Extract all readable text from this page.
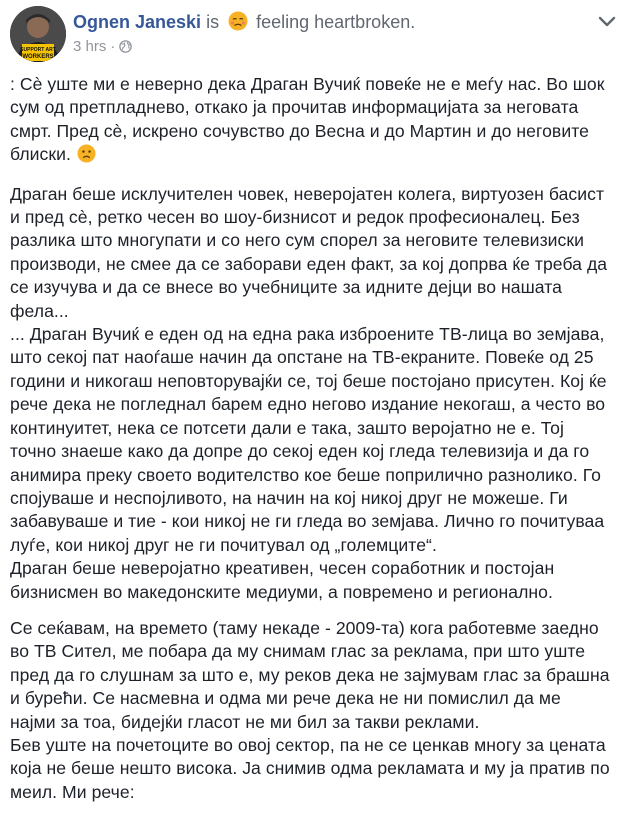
SUPPORT ART
WORKERS
Ognen Janeski is feeling heartbroken.
3 hrs ·
: Сè уште ми е неверно дека Драган Вучиќ повеќе не е меѓу нас. Во шок
сум од претпладнево, откако ја прочитав информацијата за неговата
смрт. Пред сè, искрено сочувство до Весна и до Мартин и до неговите
блиски.
Драган беше исклучителен човек, неверојатен колега, виртуозен басист
и пред сè, ретко чесен во шоу-бизнисот и редок професионалец. Без
разлика што многупати и со него сум спорел за неговите телевизиски
производи, не смее да се заборави еден факт, за кој допрва ќе треба да
се изучува и да се внесе во учебниците за идните дејци во нашата
фела...
... Драган Вучиќ е еден од на една рака изброените ТВ-лица во земјава,
што секој пат наоѓаше начин да опстане на ТВ-екраните. Повеќе од 25
години и никогаш неповторувајќи се, тој беше постојано присутен. Кој ќе
рече дека не погледнал барем едно негово издание некогаш, а често во
континуитет, нека се потсети дали е така, зашто веројатно не е. Тој
точно знаеше како да допре до секој еден кој гледа телевизија и да го
анимира преку своето водителство кое беше поприлично разнолико. Го
спојуваше и неспојливото, на начин на кој никој друг не можеше. Ги
забавуваше и тие - кои никој не ги гледа во земјава. Лично го почитуваа
луѓе, кои никој друг не ги почитувал од „големците“.
Драган беше неверојатно креативен, чесен соработник и постојан
бизнисмен во македонските медиуми, а повремено и регионално.
Се сеќавам, на времето (таму некаде - 2009-та) кога работевме заедно
во ТВ Сител, ме побара да му снимам глас за реклама, при што уште
пред да го слушнам за што е, му реков дека не зајмувам глас за брашна
и бурећи. Се насмевна и одма ми рече дека не ни помислил да ме
најми за тоа, бидејќи гласот не ми бил за такви реклами.
Бев уште на почетоците во овој сектор, па не се ценкав многу за цената
која не беше нешто висока. Ја снимив одма рекламата и му ја пратив по
меил. Ми рече:
